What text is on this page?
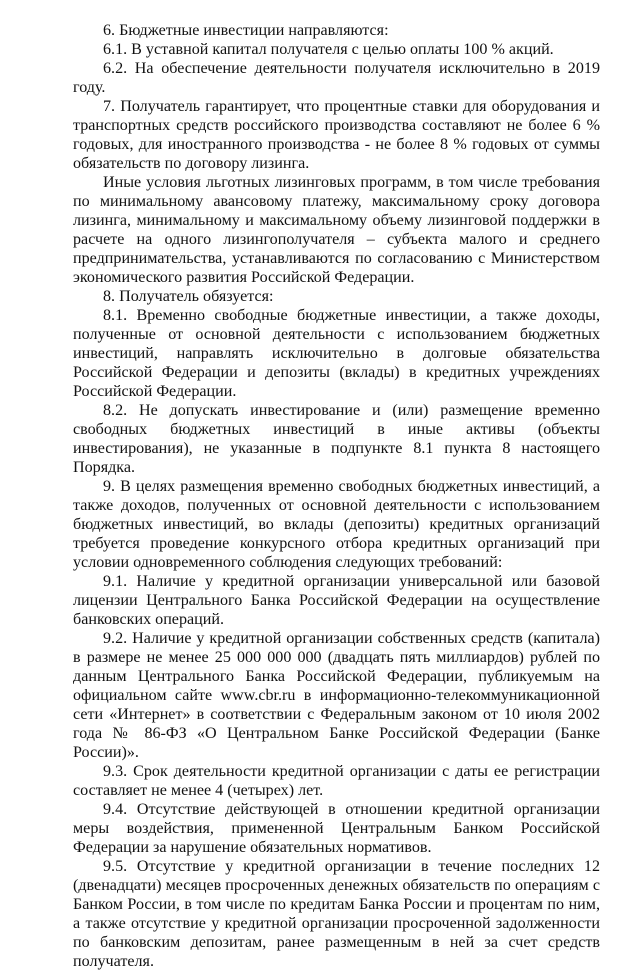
6. Бюджетные инвестиции направляются:

6.1. В уставной капитал получателя с целью оплаты 100 % акций.

6.2. На обеспечение деятельности получателя исключительно в 2019 году.

7. Получатель гарантирует, что процентные ставки для оборудования и транспортных средств российского производства составляют не более 6 % годовых, для иностранного производства - не более 8 % годовых от суммы обязательств по договору лизинга.

Иные условия льготных лизинговых программ, в том числе требования по минимальному авансовому платежу, максимальному сроку договора лизинга, минимальному и максимальному объему лизинговой поддержки в расчете на одного лизингополучателя – субъекта малого и среднего предпринимательства, устанавливаются по согласованию с Министерством экономического развития Российской Федерации.

8. Получатель обязуется:

8.1. Временно свободные бюджетные инвестиции, а также доходы, полученные от основной деятельности с использованием бюджетных инвестиций, направлять исключительно в долговые обязательства Российской Федерации и депозиты (вклады) в кредитных учреждениях Российской Федерации.

8.2. Не допускать инвестирование и (или) размещение временно свободных бюджетных инвестиций в иные активы (объекты инвестирования), не указанные в подпункте 8.1 пункта 8 настоящего Порядка.

9. В целях размещения временно свободных бюджетных инвестиций, а также доходов, полученных от основной деятельности с использованием бюджетных инвестиций, во вклады (депозиты) кредитных организаций требуется проведение конкурсного отбора кредитных организаций при условии одновременного соблюдения следующих требований:

9.1. Наличие у кредитной организации универсальной или базовой лицензии Центрального Банка Российской Федерации на осуществление банковских операций.

9.2. Наличие у кредитной организации собственных средств (капитала) в размере не менее 25 000 000 000 (двадцать пять миллиардов) рублей по данным Центрального Банка Российской Федерации, публикуемым на официальном сайте www.cbr.ru в информационно-телекоммуникационной сети «Интернет» в соответствии с Федеральным законом от 10 июля 2002 года № 86-ФЗ «О Центральном Банке Российской Федерации (Банке России)».

9.3. Срок деятельности кредитной организации с даты ее регистрации составляет не менее 4 (четырех) лет.

9.4. Отсутствие действующей в отношении кредитной организации меры воздействия, примененной Центральным Банком Российской Федерации за нарушение обязательных нормативов.

9.5. Отсутствие у кредитной организации в течение последних 12 (двенадцати) месяцев просроченных денежных обязательств по операциям с Банком России, в том числе по кредитам Банка России и процентам по ним, а также отсутствие у кредитной организации просроченной задолженности по банковским депозитам, ранее размещенным в ней за счет средств получателя.
